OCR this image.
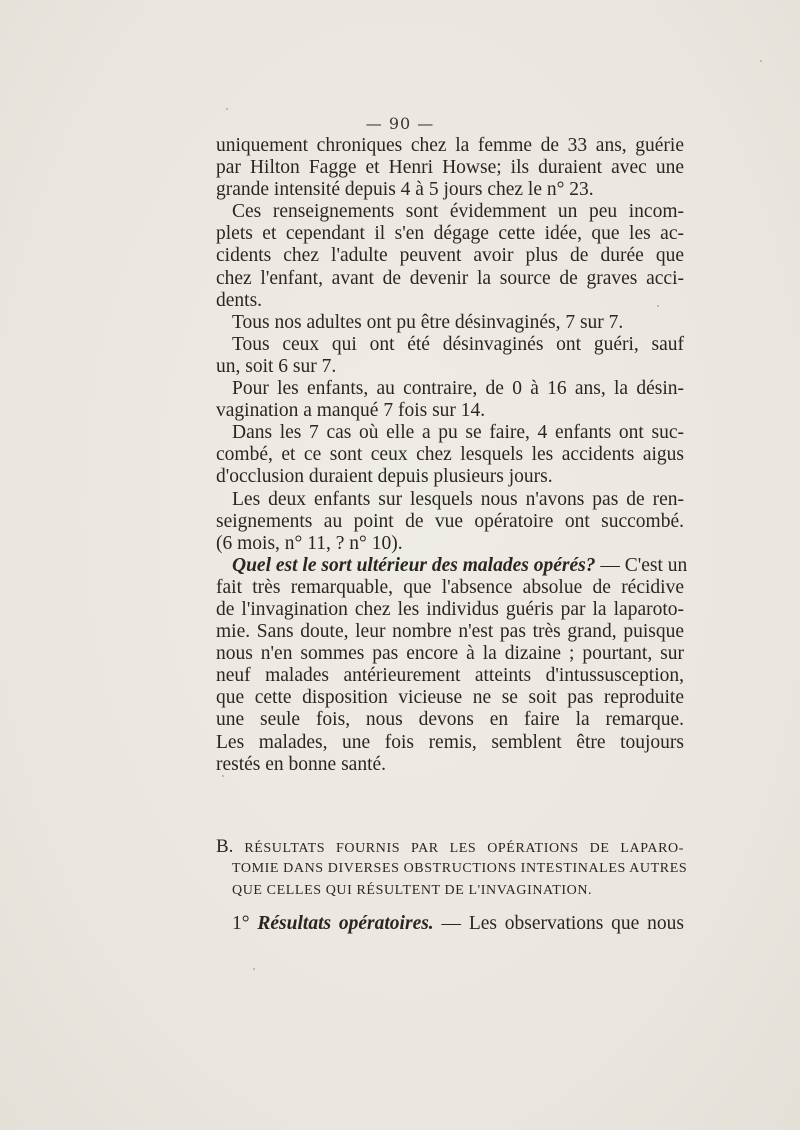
— 90 —
uniquement chroniques chez la femme de 33 ans, guérie
par Hilton Fagge et Henri Howse; ils duraient avec une
grande intensité depuis 4 à 5 jours chez le n° 23.
Ces renseignements sont évidemment un peu incom-
plets et cependant il s'en dégage cette idée, que les ac-
cidents chez l'adulte peuvent avoir plus de durée que
chez l'enfant, avant de devenir la source de graves acci-
dents.
Tous nos adultes ont pu être désinvaginés, 7 sur 7.
Tous ceux qui ont été désinvaginés ont guéri, sauf
un, soit 6 sur 7.
Pour les enfants, au contraire, de 0 à 16 ans, la désin-
vagination a manqué 7 fois sur 14.
Dans les 7 cas où elle a pu se faire, 4 enfants ont suc-
combé, et ce sont ceux chez lesquels les accidents aigus
d'occlusion duraient depuis plusieurs jours.
Les deux enfants sur lesquels nous n'avons pas de ren-
seignements au point de vue opératoire ont succombé.
(6 mois, n° 11, ? n° 10).
Quel est le sort ultérieur des malades opérés? — C'est un
fait très remarquable, que l'absence absolue de récidive
de l'invagination chez les individus guéris par la laparoto-
mie. Sans doute, leur nombre n'est pas très grand, puisque
nous n'en sommes pas encore à la dizaine ; pourtant, sur
neuf malades antérieurement atteints d'intussusception,
que cette disposition vicieuse ne se soit pas reproduite
une seule fois, nous devons en faire la remarque.
Les malades, une fois remis, semblent être toujours
restés en bonne santé.
B. RÉSULTATS FOURNIS PAR LES OPÉRATIONS DE LAPARO-
TOMIE DANS DIVERSES OBSTRUCTIONS INTESTINALES AUTRES
QUE CELLES QUI RÉSULTENT DE L'INVAGINATION.
1° Résultats opératoires. — Les observations que nous
